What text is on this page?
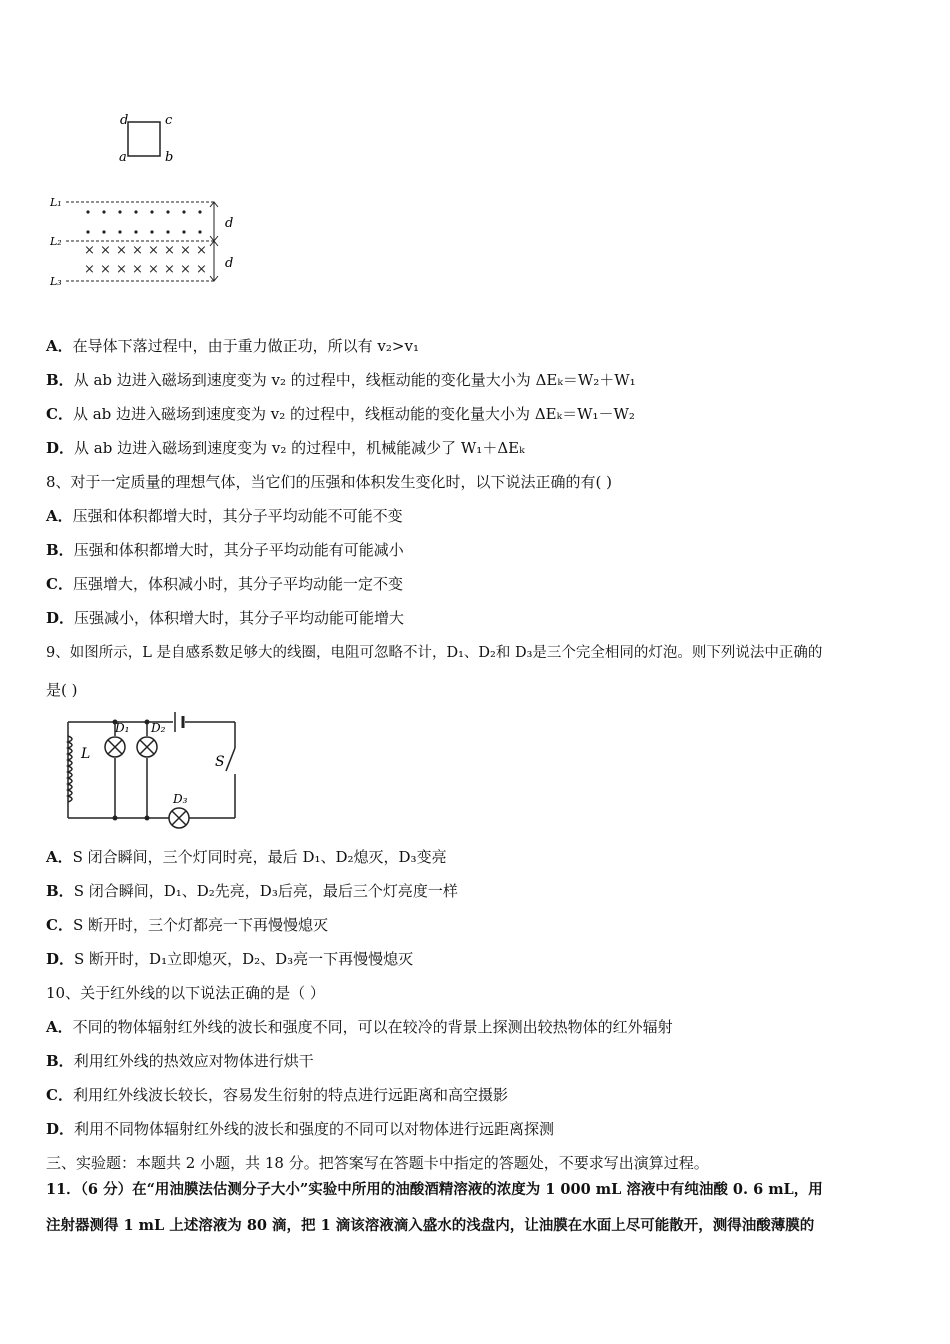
d	c
a	b
L₁
L₂
L₃
× × × × × × × ×
× × × × × × × ×
d
d
A．在导体下落过程中，由于重力做正功，所以有 v₂>v₁
B．从 ab 边进入磁场到速度变为 v₂ 的过程中，线框动能的变化量大小为 ΔEₖ＝W₂＋W₁
C．从 ab 边进入磁场到速度变为 v₂ 的过程中，线框动能的变化量大小为 ΔEₖ＝W₁－W₂
D．从 ab 边进入磁场到速度变为 v₂ 的过程中，机械能减少了 W₁＋ΔEₖ
8、对于一定质量的理想气体，当它们的压强和体积发生变化时，以下说法正确的有( )
A．压强和体积都增大时，其分子平均动能不可能不变
B．压强和体积都增大时，其分子平均动能有可能减小
C．压强增大，体积减小时，其分子平均动能一定不变
D．压强减小，体积增大时，其分子平均动能可能增大
9、如图所示，L 是自感系数足够大的线圈，电阻可忽略不计，D₁、D₂和 D₃是三个完全相同的灯泡。则下列说法中正确的
是( )
L
D₁ D₂
D₃
S
A．S 闭合瞬间，三个灯同时亮，最后 D₁、D₂熄灭，D₃变亮
B．S 闭合瞬间，D₁、D₂先亮，D₃后亮，最后三个灯亮度一样
C．S 断开时，三个灯都亮一下再慢慢熄灭
D．S 断开时，D₁立即熄灭，D₂、D₃亮一下再慢慢熄灭
10、关于红外线的以下说法正确的是（ ）
A．不同的物体辐射红外线的波长和强度不同，可以在较冷的背景上探测出较热物体的红外辐射
B．利用红外线的热效应对物体进行烘干
C．利用红外线波长较长，容易发生衍射的特点进行远距离和高空摄影
D．利用不同物体辐射红外线的波长和强度的不同可以对物体进行远距离探测
三、实验题：本题共 2 小题，共 18 分。把答案写在答题卡中指定的答题处，不要求写出演算过程。
11．（6 分）在“用油膜法估测分子大小”实验中所用的油酸酒精溶液的浓度为 1 000 mL 溶液中有纯油酸 0. 6 mL，用
注射器测得 1 mL 上述溶液为 80 滴，把 1 滴该溶液滴入盛水的浅盘内，让油膜在水面上尽可能散开，测得油酸薄膜的
